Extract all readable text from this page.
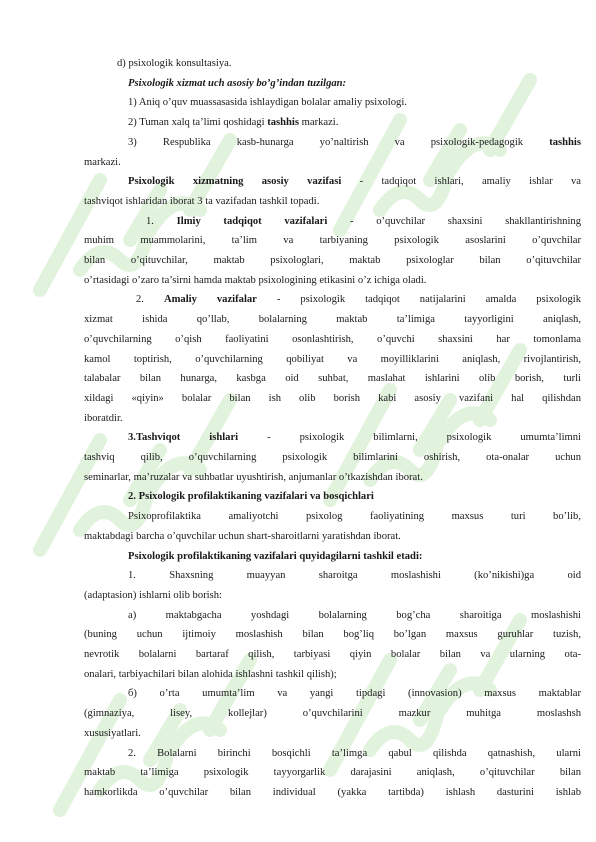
d) psixologik konsultasiya.
Psixologik xizmat uch asosiy bo’g’indan tuzilgan:
1) Aniq o’quv muassasasida ishlaydigan bolalar amaliy psixologi.
2) Tuman xalq ta’limi qoshidagi tashhis markazi.
3) Respublika kasb-hunarga yo’naltirish va psixologik-pedagogik tashhis
markazi.
Psixologik xizmatning asosiy vazifasi - tadqiqot ishlari, amaliy ishlar va
tashviqot ishlaridan iborat 3 ta vazifadan tashkil topadi.
1. Ilmiy tadqiqot vazifalari - o’quvchilar shaxsini shakllantirishning
muhim muammolarini, ta’lim va tarbiyaning psixologik asoslarini o’quvchilar
bilan o’qituvchilar, maktab psixologlari, maktab psixologlar bilan o’qituvchilar
o’rtasidagi o’zaro ta’sirni hamda maktab psixologining etikasini o’z ichiga oladi.
2. Amaliy vazifalar - psixologik tadqiqot natijalarini amalda psixologik
xizmat ishida qo’llab, bolalarning maktab ta’limiga tayyorligini aniqlash,
o’quvchilarning o’qish faoliyatini osonlashtirish, o’quvchi shaxsini har tomonlama
kamol toptirish, o’quvchilarning qobiliyat va moyilliklarini aniqlash, rivojlantirish,
talabalar bilan hunarga, kasbga oid suhbat, maslahat ishlarini olib borish, turli
xildagi «qiyin» bolalar bilan ish olib borish kabi asosiy vazifani hal qilishdan
iboratdir.
3.Tashviqot ishlari - psixologik bilimlarni, psixologik umumta’limni
tashviq qilib, o’quvchilarning psixologik bilimlarini oshirish, ota-onalar uchun
seminarlar, ma’ruzalar va suhbatlar uyushtirish, anjumanlar o’tkazishdan iborat.
2. Psixologik profilaktikaning vazifalari va bosqichlari
Psixoprofilaktika amaliyotchi psixolog faoliyatining maxsus turi bo’lib,
maktabdagi barcha o’quvchilar uchun shart-sharoitlarni yaratishdan iborat.
Psixologik profilaktikaning vazifalari quyidagilarni tashkil etadi:
1. Shaxsning muayyan sharoitga moslashishi (ko’nikishi)ga oid
(adaptasion) ishlarni olib borish:
a) maktabgacha yoshdagi bolalarning bog’cha sharoitiga moslashishi
(buning uchun ijtimoiy moslashish bilan bog’liq bo’lgan maxsus guruhlar tuzish,
nevrotik bolalarni bartaraf qilish, tarbiyasi qiyin bolalar bilan va ularning ota-
onalari, tarbiyachilari bilan alohida ishlashni tashkil qilish);
б) o’rta umumta’lim va yangi tipdagi (innovasion) maxsus maktablar
(gimnaziya, lisey, kollejlar) o’quvchilarini mazkur muhitga moslashsh
xususiyatlari.
2. Bolalarni birinchi bosqichli ta’limga qabul qilishda qatnashish, ularni
maktab ta’limiga psixologik tayyorgarlik darajasini aniqlash, o’qituvchilar bilan
hamkorlikda o’quvchilar bilan individual (yakka tartibda) ishlash dasturini ishlab
